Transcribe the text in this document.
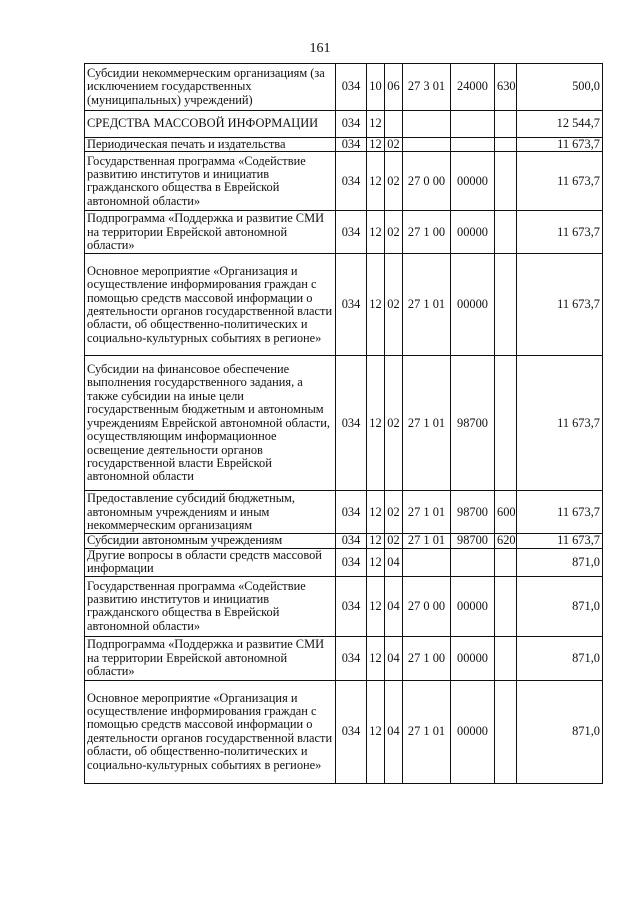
161
Субсидии некоммерческим организациям (за исключением государственных (муниципальных) учреждений)	034	10	06	27 3 01	24000	630	500,0
СРЕДСТВА МАССОВОЙ ИНФОРМАЦИИ	034	12					12 544,7
Периодическая печать и издательства	034	12	02				11 673,7
Государственная программа «Содействие развитию институтов и инициатив гражданского общества в Еврейской автономной области»	034	12	02	27 0 00	00000		11 673,7
Подпрограмма «Поддержка и развитие СМИ на территории Еврейской автономной области»	034	12	02	27 1 00	00000		11 673,7
Основное мероприятие «Организация и осуществление информирования граждан с помощью средств массовой информации о деятельности органов государственной власти области, об общественно-политических и социально-культурных событиях в регионе»	034	12	02	27 1 01	00000		11 673,7
Субсидии на финансовое обеспечение выполнения государственного задания, а также субсидии на иные цели государственным бюджетным и автономным учреждениям Еврейской автономной области, осуществляющим информационное освещение деятельности органов государственной власти Еврейской автономной области	034	12	02	27 1 01	98700		11 673,7
Предоставление субсидий бюджетным, автономным учреждениям и иным некоммерческим организациям	034	12	02	27 1 01	98700	600	11 673,7
Субсидии автономным учреждениям	034	12	02	27 1 01	98700	620	11 673,7
Другие вопросы в области средств массовой информации	034	12	04				871,0
Государственная программа «Содействие развитию институтов и инициатив гражданского общества в Еврейской автономной области»	034	12	04	27 0 00	00000		871,0
Подпрограмма «Поддержка и развитие СМИ на территории Еврейской автономной области»	034	12	04	27 1 00	00000		871,0
Основное мероприятие «Организация и осуществление информирования граждан с помощью средств массовой информации о деятельности органов государственной власти области, об общественно-политических и социально-культурных событиях в регионе»	034	12	04	27 1 01	00000		871,0
